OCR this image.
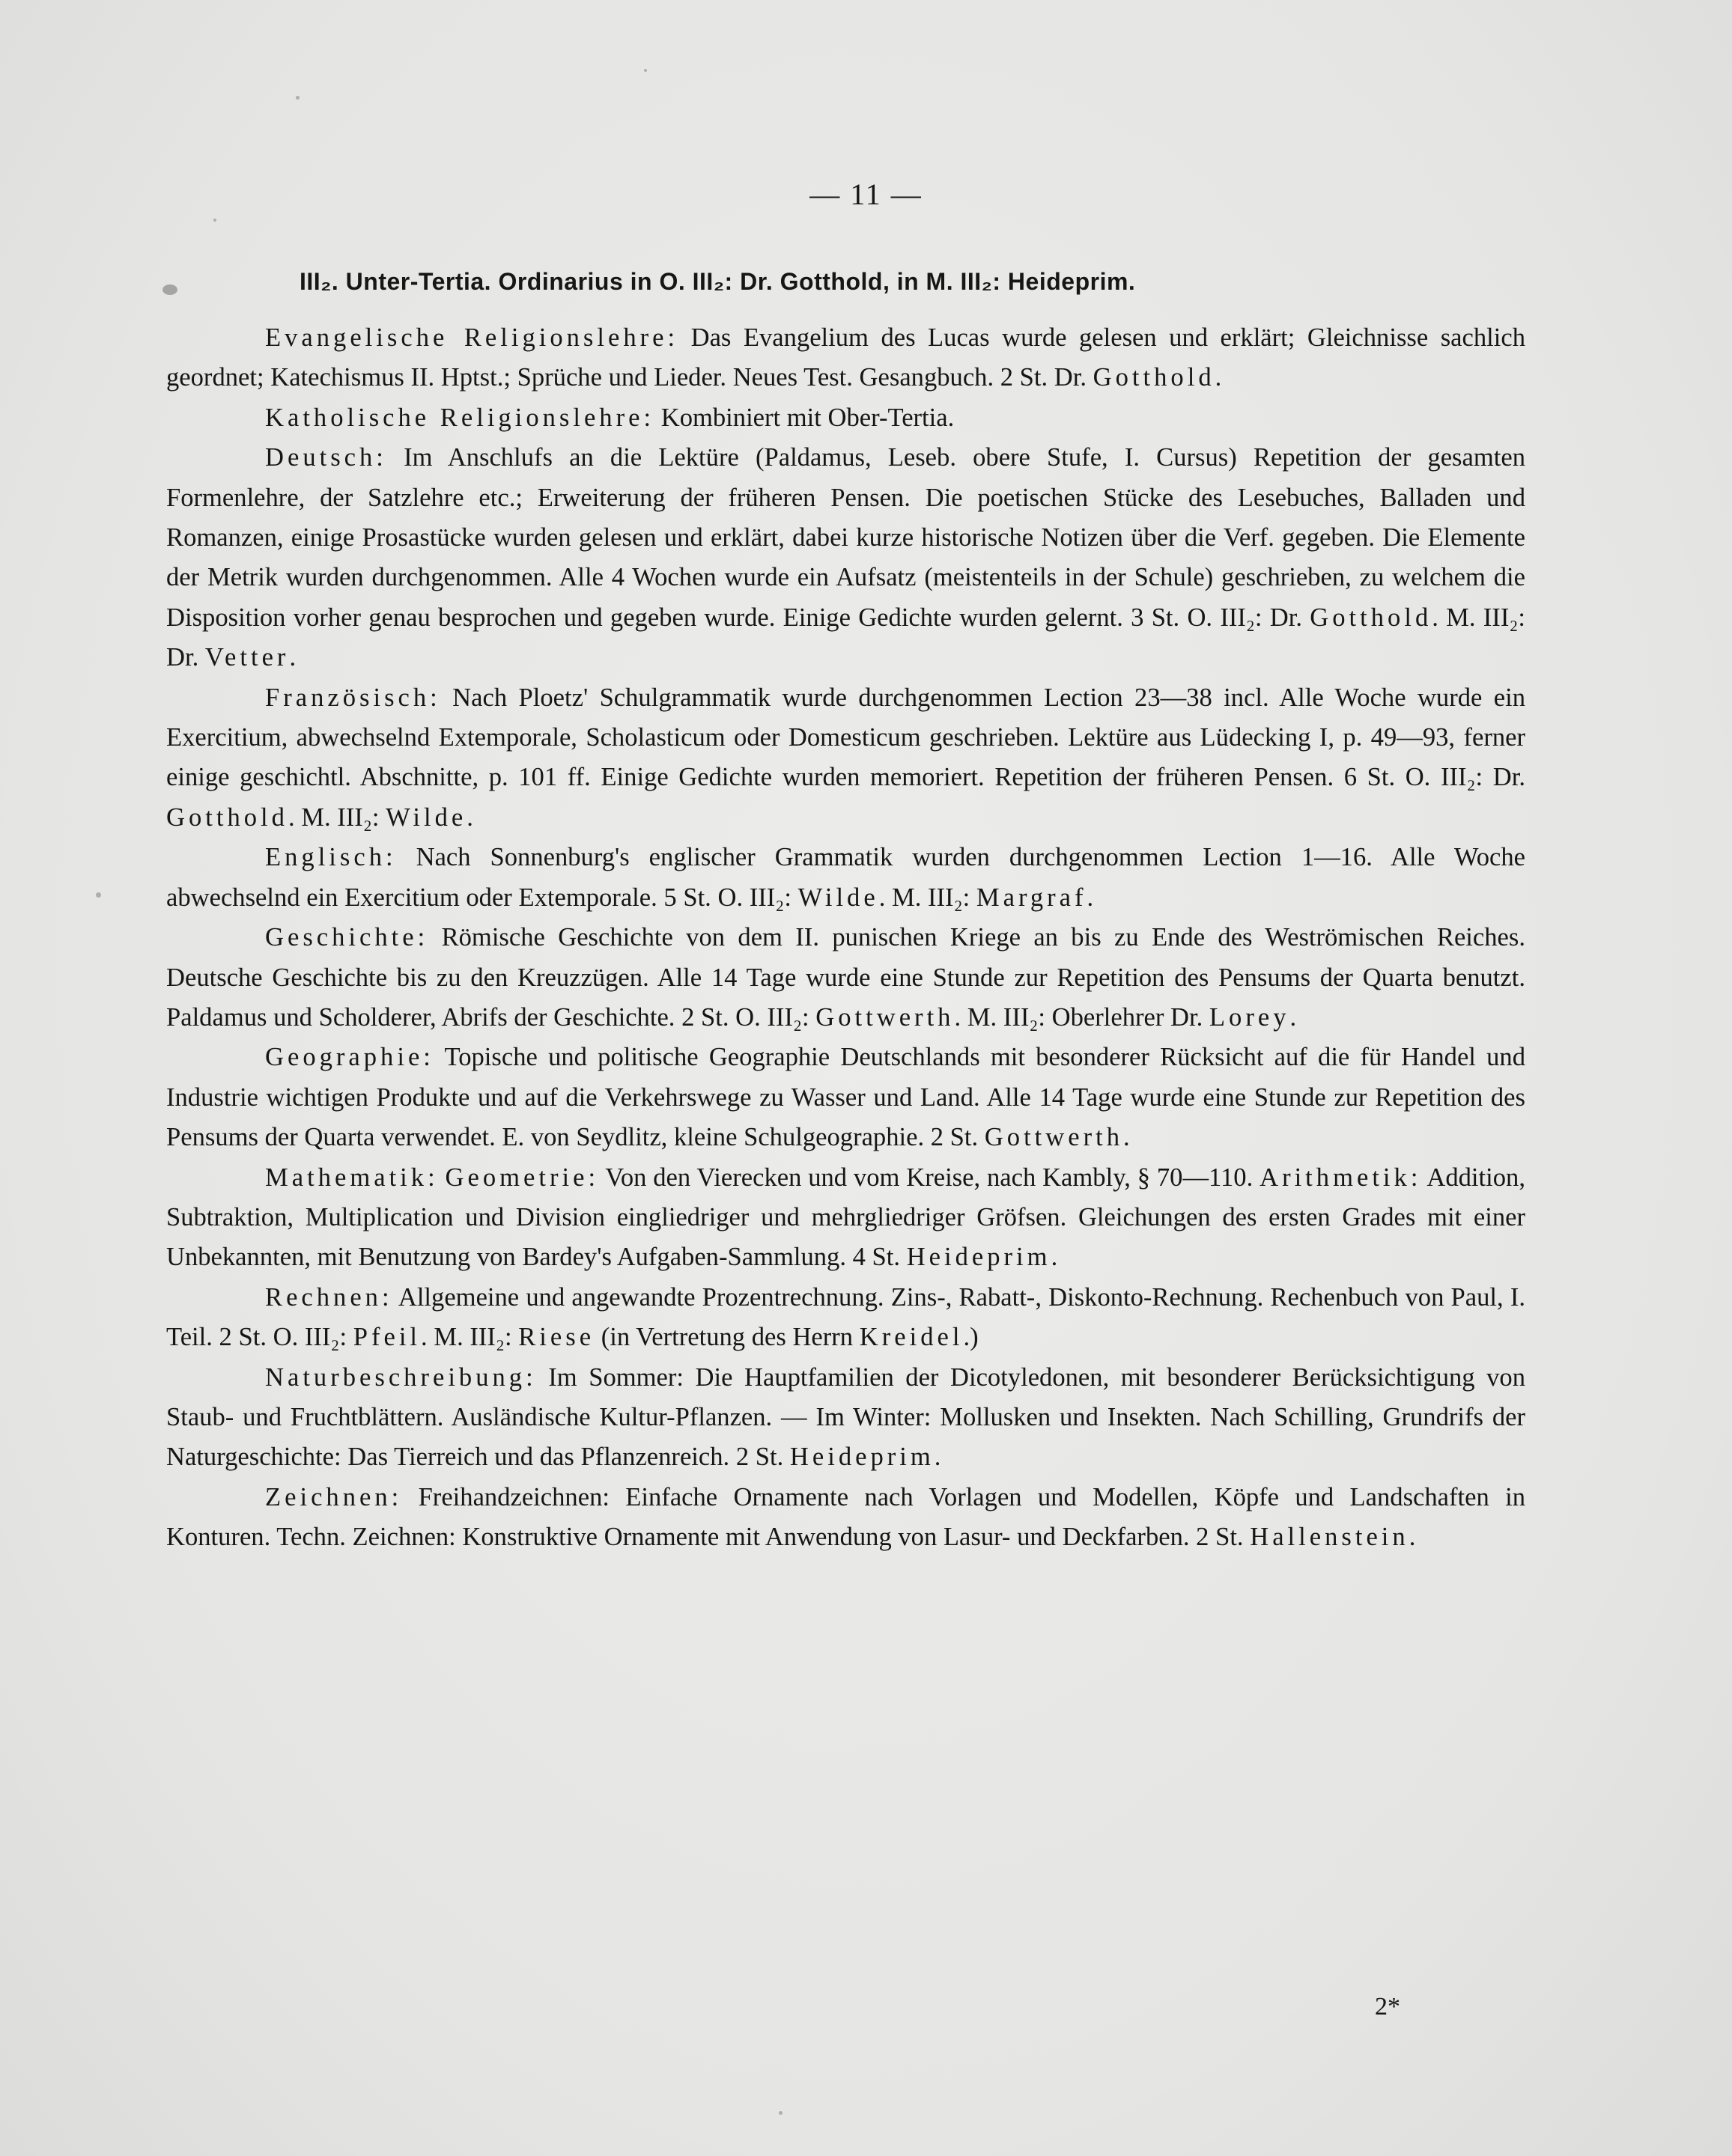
— 11 —
III₂. Unter-Tertia. Ordinarius in O. III₂: Dr. Gotthold, in M. III₂: Heideprim.

Evangelische Religionslehre: Das Evangelium des Lucas wurde gelesen und erklärt; Gleichnisse sachlich geordnet; Katechismus II. Hptst.; Sprüche und Lieder. Neues Test. Gesangbuch. 2 St. Dr. Gotthold.

Katholische Religionslehre: Kombiniert mit Ober-Tertia.

Deutsch: Im Anschlufs an die Lektüre (Paldamus, Leseb. obere Stufe, I. Cursus) Repetition der gesamten Formenlehre, der Satzlehre etc.; Erweiterung der früheren Pensen. Die poetischen Stücke des Lesebuches, Balladen und Romanzen, einige Prosastücke wurden gelesen und erklärt, dabei kurze historische Notizen über die Verf. gegeben. Die Elemente der Metrik wurden durchgenommen. Alle 4 Wochen wurde ein Aufsatz (meistenteils in der Schule) geschrieben, zu welchem die Disposition vorher genau besprochen und gegeben wurde. Einige Gedichte wurden gelernt. 3 St. O. III₂: Dr. Gotthold. M. III₂: Dr. Vetter.

Französisch: Nach Ploetz' Schulgrammatik wurde durchgenommen Lection 23—38 incl. Alle Woche wurde ein Exercitium, abwechselnd Extemporale, Scholasticum oder Domesticum geschrieben. Lektüre aus Lüdecking I, p. 49—93, ferner einige geschichtl. Abschnitte, p. 101 ff. Einige Gedichte wurden memoriert. Repetition der früheren Pensen. 6 St. O. III₂: Dr. Gotthold. M. III₂: Wilde.

Englisch: Nach Sonnenburg's englischer Grammatik wurden durchgenommen Lection 1—16. Alle Woche abwechselnd ein Exercitium oder Extemporale. 5 St. O. III₂: Wilde. M. III₂: Margraf.

Geschichte: Römische Geschichte von dem II. punischen Kriege an bis zu Ende des Weströmischen Reiches. Deutsche Geschichte bis zu den Kreuzzügen. Alle 14 Tage wurde eine Stunde zur Repetition des Pensums der Quarta benutzt. Paldamus und Scholderer, Abrifs der Geschichte. 2 St. O. III₂: Gottwerth. M. III₂: Oberlehrer Dr. Lorey.

Geographie: Topische und politische Geographie Deutschlands mit besonderer Rücksicht auf die für Handel und Industrie wichtigen Produkte und auf die Verkehrswege zu Wasser und Land. Alle 14 Tage wurde eine Stunde zur Repetition des Pensums der Quarta verwendet. E. von Seydlitz, kleine Schulgeographie. 2 St. Gottwerth.

Mathematik: Geometrie: Von den Vierecken und vom Kreise, nach Kambly, § 70—110. Arithmetik: Addition, Subtraktion, Multiplication und Division eingliedriger und mehrgliedriger Gröfsen. Gleichungen des ersten Grades mit einer Unbekannten, mit Benutzung von Bardey's Aufgaben-Sammlung. 4 St. Heideprim.

Rechnen: Allgemeine und angewandte Prozentrechnung. Zins-, Rabatt-, Diskonto-Rechnung. Rechenbuch von Paul, I. Teil. 2 St. O. III₂: Pfeil. M. III₂: Riese (in Vertretung des Herrn Kreidel.)

Naturbeschreibung: Im Sommer: Die Hauptfamilien der Dicotyledonen, mit besonderer Berücksichtigung von Staub- und Fruchtblättern. Ausländische Kultur-Pflanzen. — Im Winter: Mollusken und Insekten. Nach Schilling, Grundrifs der Naturgeschichte: Das Tierreich und das Pflanzenreich. 2 St. Heideprim.

Zeichnen: Freihandzeichnen: Einfache Ornamente nach Vorlagen und Modellen, Köpfe und Landschaften in Konturen. Techn. Zeichnen: Konstruktive Ornamente mit Anwendung von Lasur- und Deckfarben. 2 St. Hallenstein.

2*
